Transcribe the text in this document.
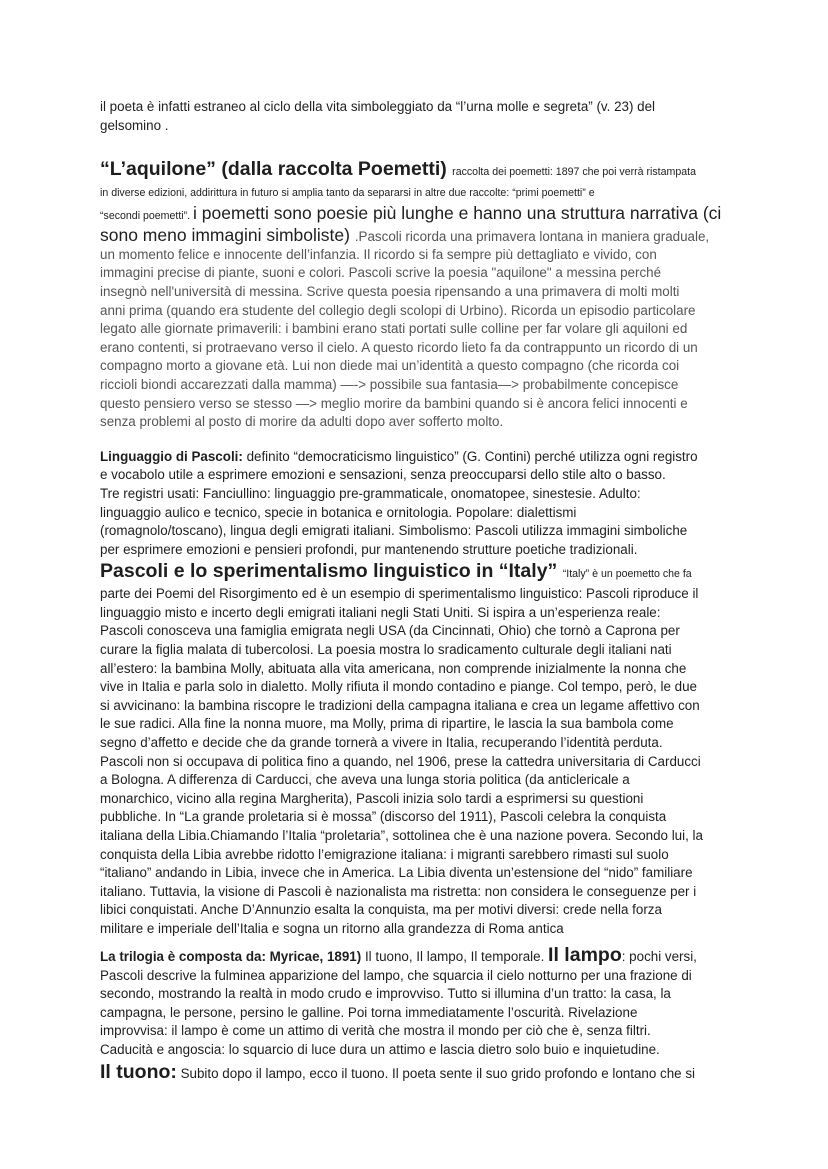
il poeta è infatti estraneo al ciclo della vita simboleggiato da “l’urna molle e segreta” (v. 23) del
gelsomino .
“L’aquilone” (dalla raccolta Poemetti) raccolta dei poemetti: 1897 che poi verrà ristampata
in diverse edizioni, addirittura in futuro si amplia tanto da separarsi in altre due raccolte: “primi poemetti” e
“secondi poemetti”. i poemetti sono poesie più lunghe e hanno una struttura narrativa (ci
sono meno immagini simboliste) .Pascoli ricorda una primavera lontana in maniera graduale,
un momento felice e innocente dell’infanzia. Il ricordo si fa sempre più dettagliato e vivido, con
immagini precise di piante, suoni e colori. Pascoli scrive la poesia "aquilone" a messina perché
insegnò nell'università di messina. Scrive questa poesia ripensando a una primavera di molti molti
anni prima (quando era studente del collegio degli scolopi di Urbino). Ricorda un episodio particolare
legato alle giornate primaverili: i bambini erano stati portati sulle colline per far volare gli aquiloni ed
erano contenti, si protraevano verso il cielo. A questo ricordo lieto fa da contrappunto un ricordo di un
compagno morto a giovane età. Lui non diede mai un’identità a questo compagno (che ricorda coi
riccioli biondi accarezzati dalla mamma) —-> possibile sua fantasia—> probabilmente concepisce
questo pensiero verso se stesso —> meglio morire da bambini quando si è ancora felici innocenti e
senza problemi al posto di morire da adulti dopo aver sofferto molto.
Linguaggio di Pascoli: definito “democraticismo linguistico” (G. Contini) perché utilizza ogni registro
e vocabolo utile a esprimere emozioni e sensazioni, senza preoccuparsi dello stile alto o basso.
Tre registri usati: Fanciullino: linguaggio pre-grammaticale, onomatopee, sinestesie. Adulto:
linguaggio aulico e tecnico, specie in botanica e ornitologia. Popolare: dialettismi
(romagnolo/toscano), lingua degli emigrati italiani. Simbolismo: Pascoli utilizza immagini simboliche
per esprimere emozioni e pensieri profondi, pur mantenendo strutture poetiche tradizionali.
Pascoli e lo sperimentalismo linguistico in “Italy” “Italy” è un poemetto che fa
parte dei Poemi del Risorgimento ed è un esempio di sperimentalismo linguistico: Pascoli riproduce il
linguaggio misto e incerto degli emigrati italiani negli Stati Uniti. Si ispira a un’esperienza reale:
Pascoli conosceva una famiglia emigrata negli USA (da Cincinnati, Ohio) che tornò a Caprona per
curare la figlia malata di tubercolosi. La poesia mostra lo sradicamento culturale degli italiani nati
all’estero: la bambina Molly, abituata alla vita americana, non comprende inizialmente la nonna che
vive in Italia e parla solo in dialetto. Molly rifiuta il mondo contadino e piange. Col tempo, però, le due
si avvicinano: la bambina riscopre le tradizioni della campagna italiana e crea un legame affettivo con
le sue radici. Alla fine la nonna muore, ma Molly, prima di ripartire, le lascia la sua bambola come
segno d’affetto e decide che da grande tornerà a vivere in Italia, recuperando l’identità perduta.
Pascoli non si occupava di politica fino a quando, nel 1906, prese la cattedra universitaria di Carducci
a Bologna. A differenza di Carducci, che aveva una lunga storia politica (da anticlericale a
monarchico, vicino alla regina Margherita), Pascoli inizia solo tardi a esprimersi su questioni
pubbliche. In “La grande proletaria si è mossa” (discorso del 1911), Pascoli celebra la conquista
italiana della Libia.Chiamando l’Italia “proletaria”, sottolinea che è una nazione povera. Secondo lui, la
conquista della Libia avrebbe ridotto l’emigrazione italiana: i migranti sarebbero rimasti sul suolo
“italiano” andando in Libia, invece che in America. La Libia diventa un’estensione del “nido” familiare
italiano. Tuttavia, la visione di Pascoli è nazionalista ma ristretta: non considera le conseguenze per i
libici conquistati. Anche D’Annunzio esalta la conquista, ma per motivi diversi: crede nella forza
militare e imperiale dell’Italia e sogna un ritorno alla grandezza di Roma antica
La trilogia è composta da: Myricae, 1891) Il tuono, Il lampo, Il temporale. Il lampo: pochi versi,
Pascoli descrive la fulminea apparizione del lampo, che squarcia il cielo notturno per una frazione di
secondo, mostrando la realtà in modo crudo e improvviso. Tutto si illumina d’un tratto: la casa, la
campagna, le persone, persino le galline. Poi torna immediatamente l’oscurità. Rivelazione
improvvisa: il lampo è come un attimo di verità che mostra il mondo per ciò che è, senza filtri.
Caducità e angoscia: lo squarcio di luce dura un attimo e lascia dietro solo buio e inquietudine.
Il tuono: Subito dopo il lampo, ecco il tuono. Il poeta sente il suo grido profondo e lontano che si
